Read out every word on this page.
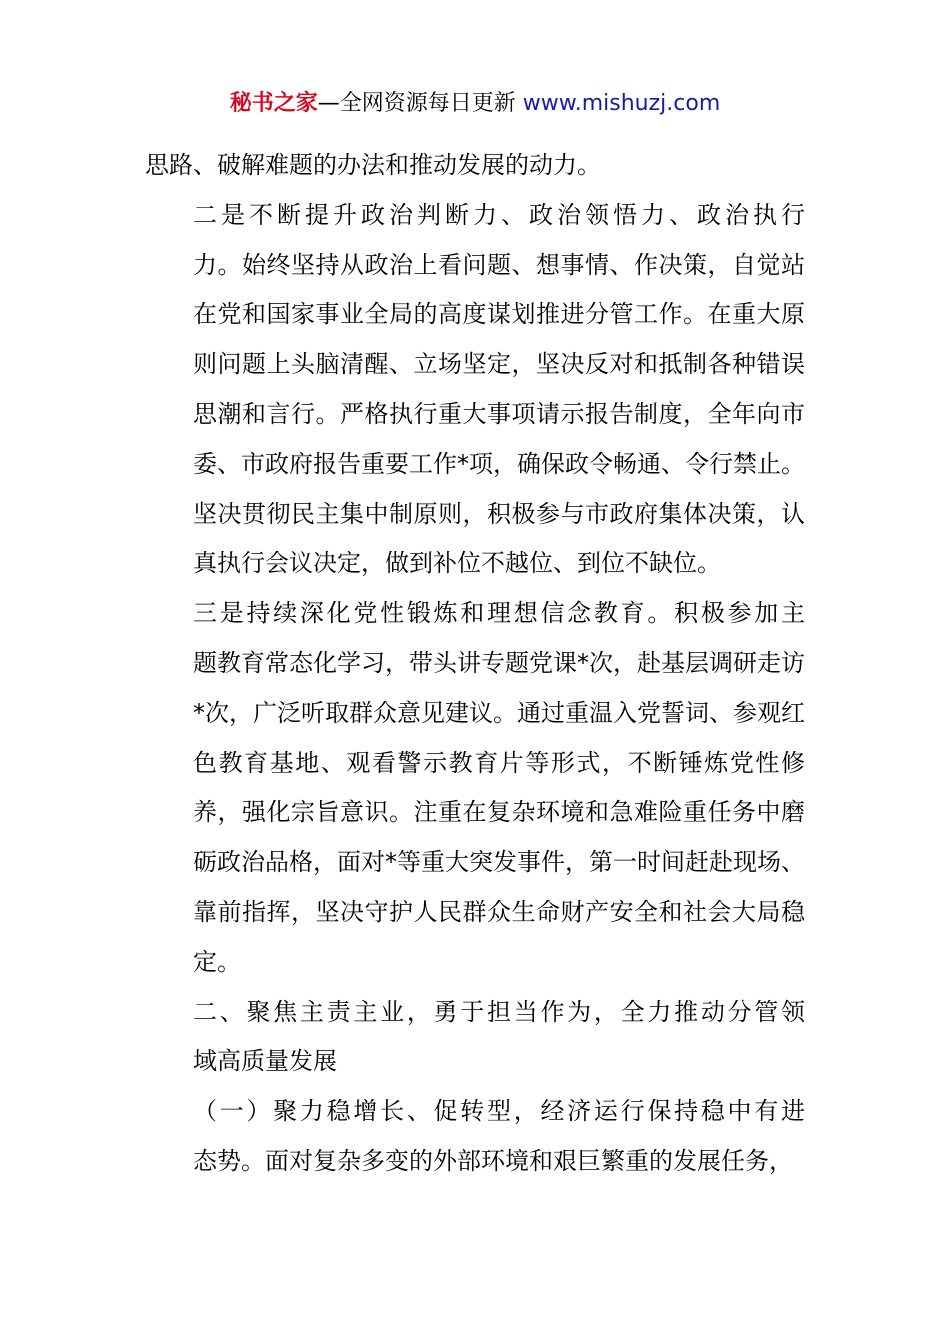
秘书之家—全网资源每日更新 www.mishuzj.com

思路、破解难题的办法和推动发展的动力。

二是不断提升政治判断力、政治领悟力、政治执行
力。始终坚持从政治上看问题、想事情、作决策，自觉站
在党和国家事业全局的高度谋划推进分管工作。在重大原
则问题上头脑清醒、立场坚定，坚决反对和抵制各种错误
思潮和言行。严格执行重大事项请示报告制度，全年向市
委、市政府报告重要工作*项，确保政令畅通、令行禁止。
坚决贯彻民主集中制原则，积极参与市政府集体决策，认
真执行会议决定，做到补位不越位、到位不缺位。

三是持续深化党性锻炼和理想信念教育。积极参加主
题教育常态化学习，带头讲专题党课*次，赴基层调研走访
*次，广泛听取群众意见建议。通过重温入党誓词、参观红
色教育基地、观看警示教育片等形式，不断锤炼党性修
养，强化宗旨意识。注重在复杂环境和急难险重任务中磨
砺政治品格，面对*等重大突发事件，第一时间赶赴现场、
靠前指挥，坚决守护人民群众生命财产安全和社会大局稳
定。

二、聚焦主责主业，勇于担当作为，全力推动分管领
域高质量发展

（一）聚力稳增长、促转型，经济运行保持稳中有进
态势。面对复杂多变的外部环境和艰巨繁重的发展任务，
